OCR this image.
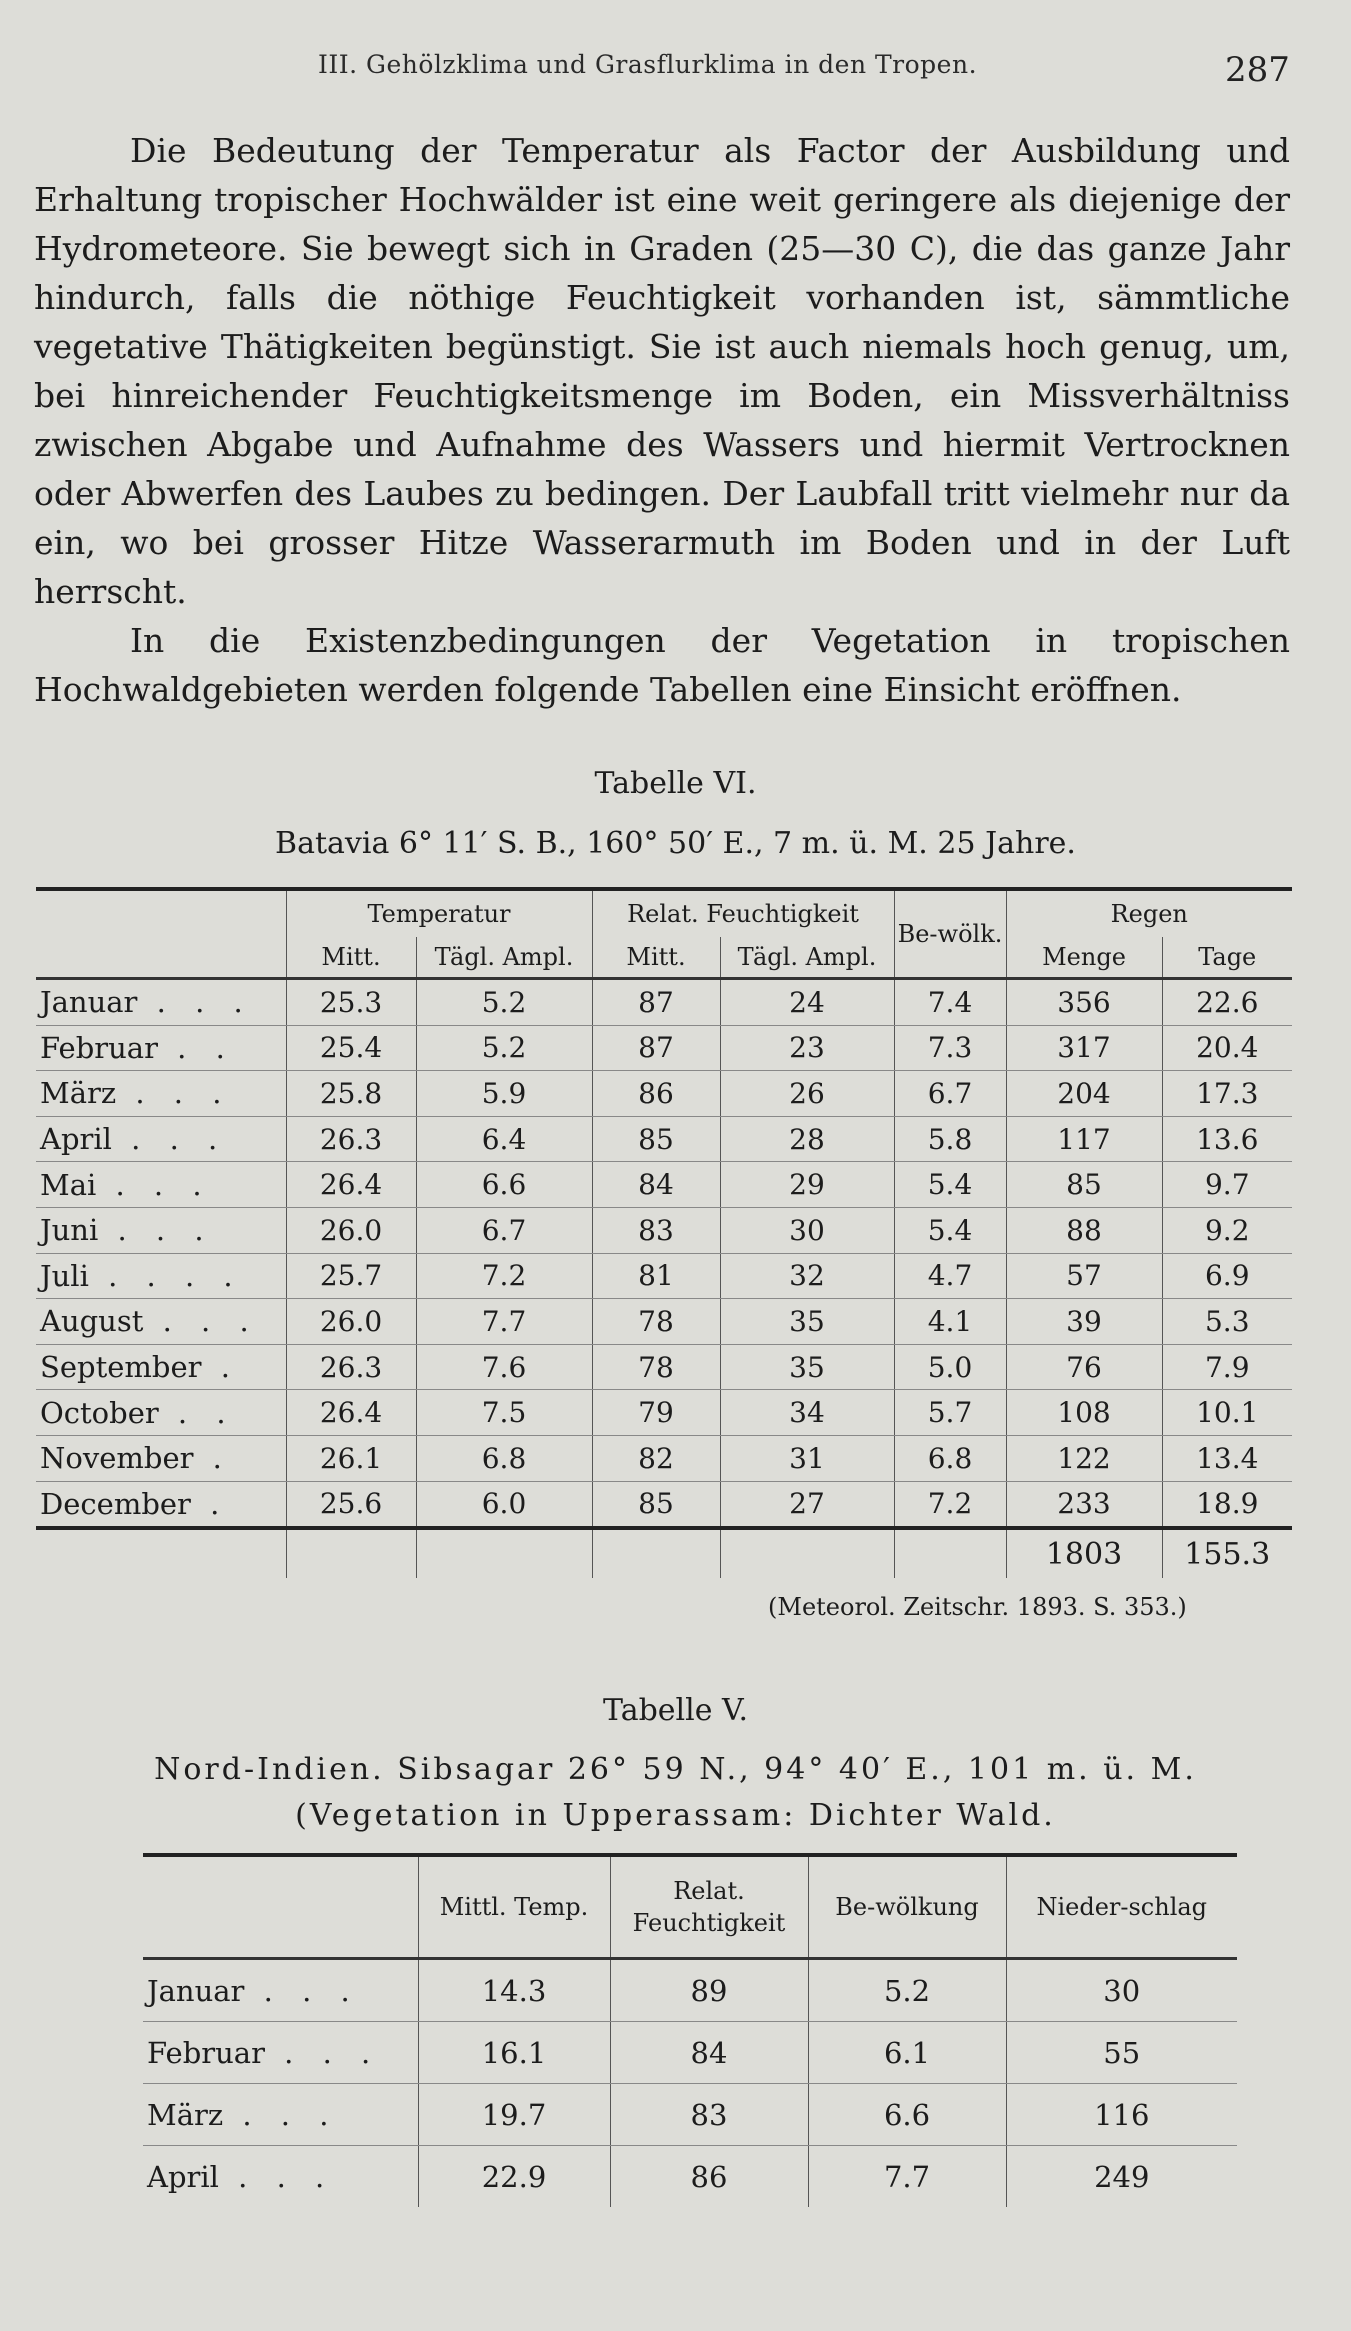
III. Gehölzklima und Grasflurklima in den Tropen.	287

Die Bedeutung der Temperatur als Factor der Ausbildung und Erhaltung tropischer Hochwälder ist eine weit geringere als diejenige der Hydrometeore. Sie bewegt sich in Graden (25—30 C), die das ganze Jahr hindurch, falls die nöthige Feuchtigkeit vorhanden ist, sämmtliche vegetative Thätigkeiten begünstigt. Sie ist auch niemals hoch genug, um, bei hinreichender Feuchtigkeitsmenge im Boden, ein Missverhältniss zwischen Abgabe und Aufnahme des Wassers und hiermit Vertrocknen oder Abwerfen des Laubes zu bedingen. Der Laubfall tritt vielmehr nur da ein, wo bei grosser Hitze Wasserarmuth im Boden und in der Luft herrscht.

In die Existenzbedingungen der Vegetation in tropischen Hochwaldgebieten werden folgende Tabellen eine Einsicht eröffnen.

Tabelle VI.
Batavia 6° 11′ S. B., 160° 50′ E., 7 m. ü. M. 25 Jahre.
	Temperatur		Relat. Feuchtigkeit		Be-wölk.	Regen	
	Mitt.	Tägl. Ampl.	Mitt.	Tägl. Ampl.		Menge	Tage
Januar . . .	25.3	5.2	87	24	7.4	356	22.6
Februar . .	25.4	5.2	87	23	7.3	317	20.4
März . . .	25.8	5.9	86	26	6.7	204	17.3
April . . .	26.3	6.4	85	28	5.8	117	13.6
Mai . . .	26.4	6.6	84	29	5.4	85	9.7
Juni . . .	26.0	6.7	83	30	5.4	88	9.2
Juli . . . .	25.7	7.2	81	32	4.7	57	6.9
August . . .	26.0	7.7	78	35	4.1	39	5.3
September .	26.3	7.6	78	35	5.0	76	7.9
October . .	26.4	7.5	79	34	5.7	108	10.1
November .	26.1	6.8	82	31	6.8	122	13.4
December .	25.6	6.0	85	27	7.2	233	18.9
						1803	155.3
(Meteorol. Zeitschr. 1893. S. 353.)
Tabelle V.
Nord-Indien. Sibsagar 26° 59 N., 94° 40′ E., 101 m. ü. M.
(Vegetation in Upperassam: Dichter Wald.
	Mittl. Temp.	Relat. Feuchtigkeit	Be-wölkung	Nieder-schlag
Januar . . .	14.3	89	5.2	30
Februar . . .	16.1	84	6.1	55
März . . .	19.7	83	6.6	116
April . . .	22.9	86	7.7	249
